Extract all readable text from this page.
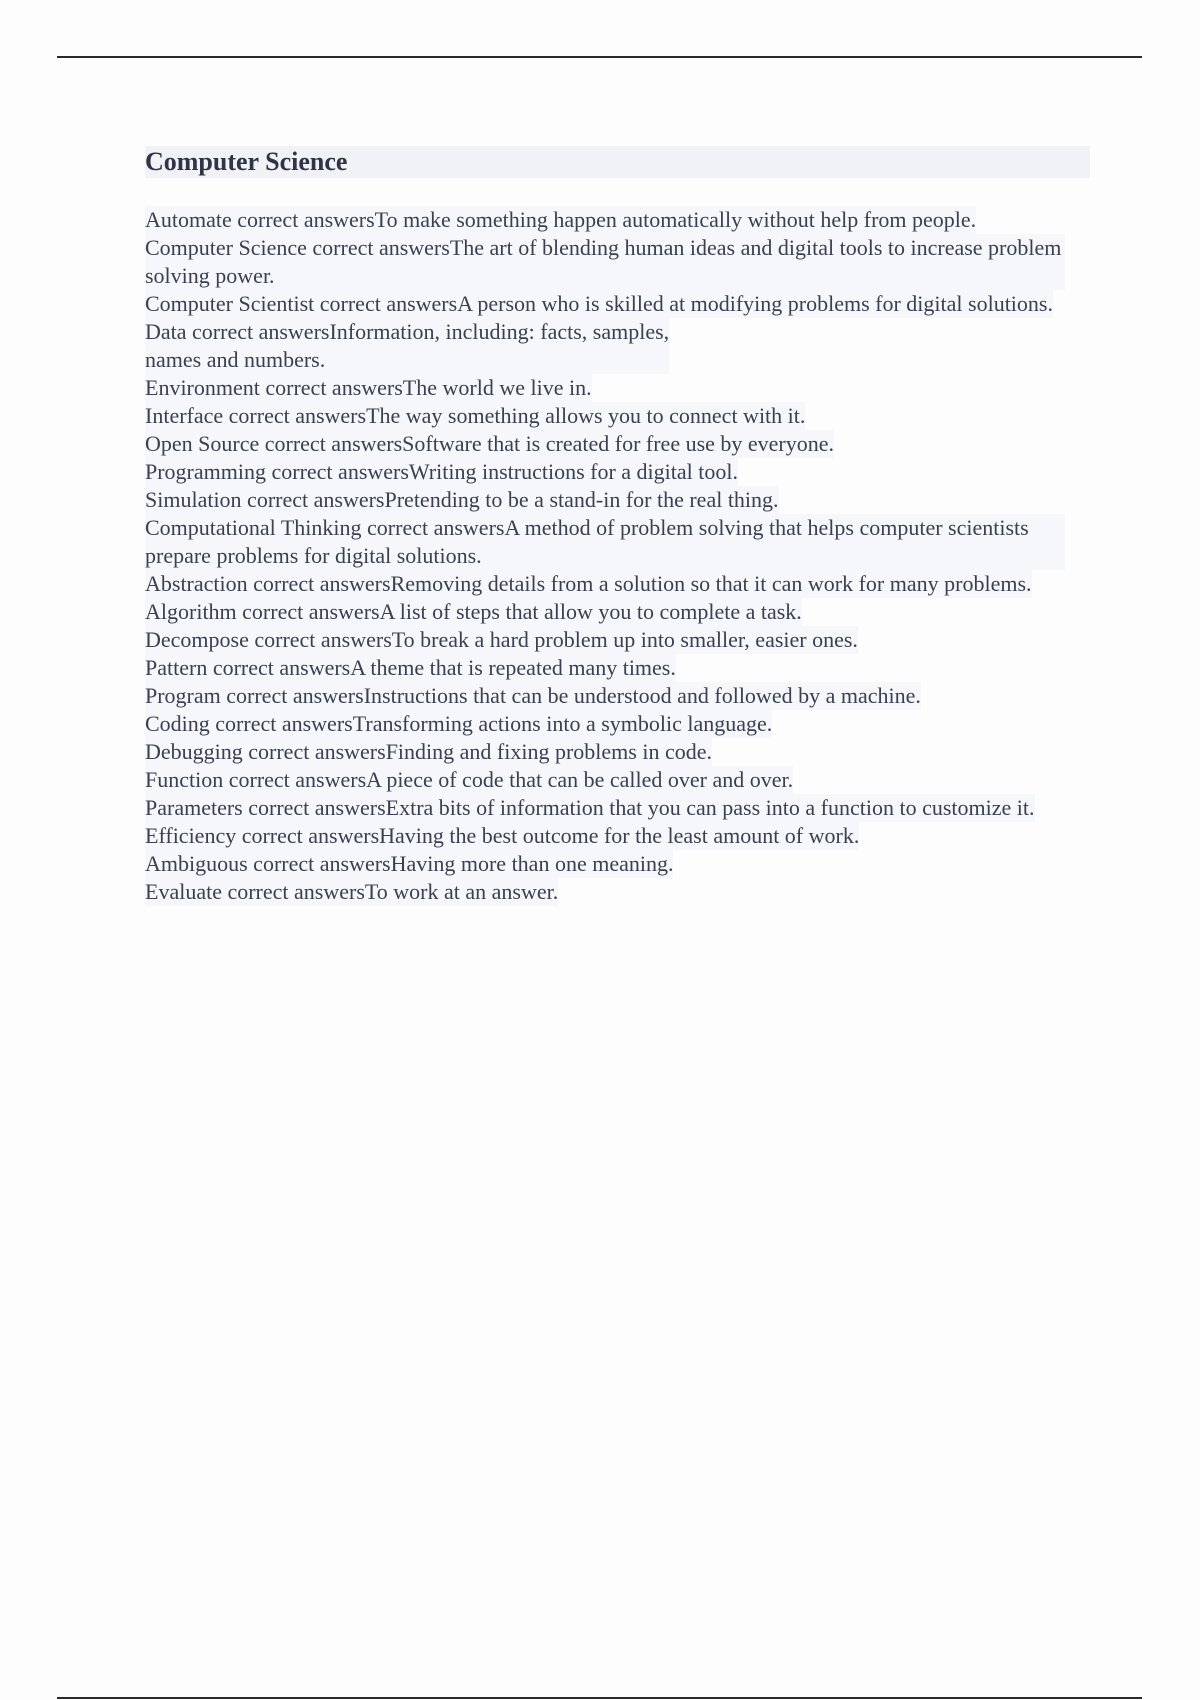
Computer Science
Automate correct answersTo make something happen automatically without help from people.
Computer Science correct answersThe art of blending human ideas and digital tools to increase problem solving power.
Computer Scientist correct answersA person who is skilled at modifying problems for digital solutions.
Data correct answersInformation, including: facts, samples,
names and numbers.
Environment correct answersThe world we live in.
Interface correct answersThe way something allows you to connect with it.
Open Source correct answersSoftware that is created for free use by everyone.
Programming correct answersWriting instructions for a digital tool.
Simulation correct answersPretending to be a stand-in for the real thing.
Computational Thinking correct answersA method of problem solving that helps computer scientists prepare problems for digital solutions.
Abstraction correct answersRemoving details from a solution so that it can work for many problems.
Algorithm correct answersA list of steps that allow you to complete a task.
Decompose correct answersTo break a hard problem up into smaller, easier ones.
Pattern correct answersA theme that is repeated many times.
Program correct answersInstructions that can be understood and followed by a machine.
Coding correct answersTransforming actions into a symbolic language.
Debugging correct answersFinding and fixing problems in code.
Function correct answersA piece of code that can be called over and over.
Parameters correct answersExtra bits of information that you can pass into a function to customize it.
Efficiency correct answersHaving the best outcome for the least amount of work.
Ambiguous correct answersHaving more than one meaning.
Evaluate correct answersTo work at an answer.
